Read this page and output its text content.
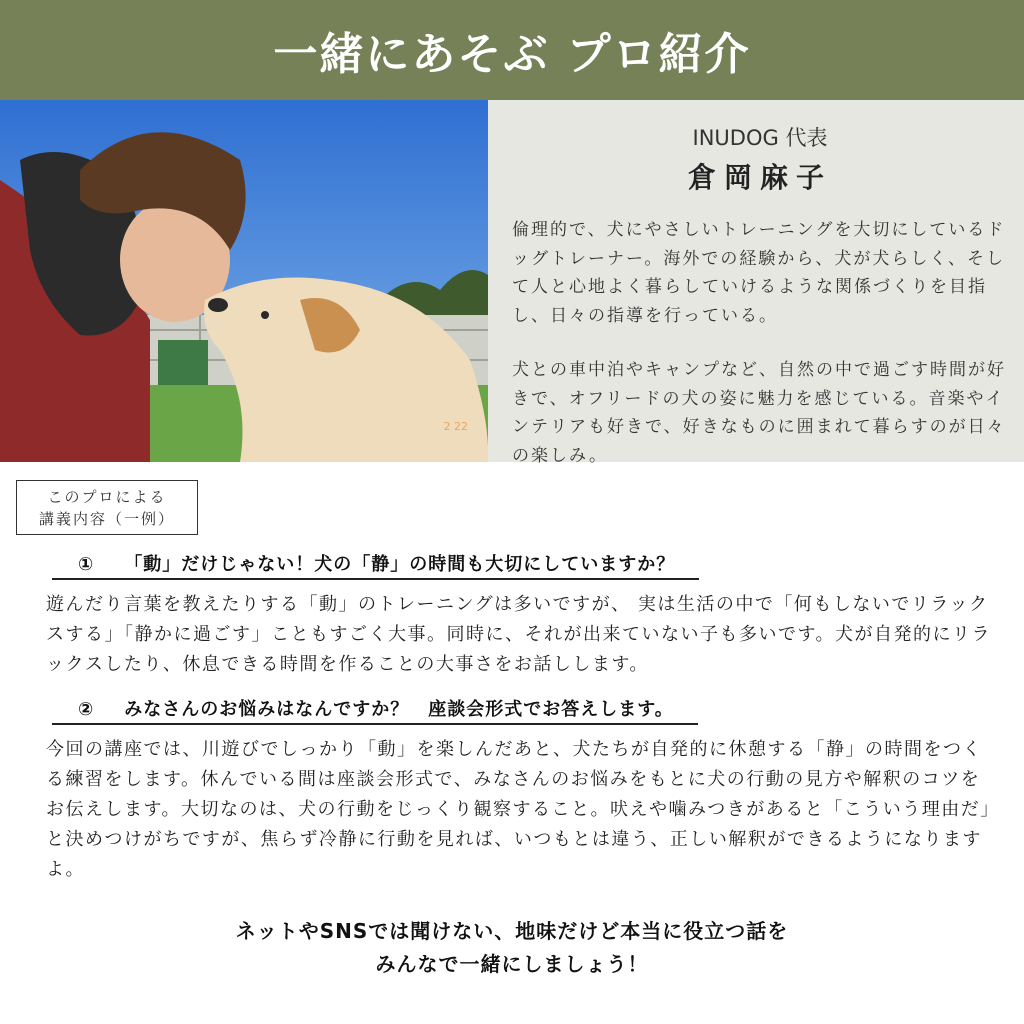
一緒にあそぶ プロ紹介
2 22
INUDOG 代表
倉岡麻子

倫理的で、犬にやさしいトレーニングを大切にしているドッグトレーナー。海外での経験から、犬が犬らしく、そして人と心地よく暮らしていけるような関係づくりを目指し、日々の指導を行っている。

犬との車中泊やキャンプなど、自然の中で過ごす時間が好きで、オフリードの犬の姿に魅力を感じている。音楽やインテリアも好きで、好きなものに囲まれて暮らすのが日々の楽しみ。

このプロによる
講義内容（一例）
① 「動」だけじゃない！犬の「静」の時間も大切にしていますか？

遊んだり言葉を教えたりする「動」のトレーニングは多いですが、 実は生活の中で「何もしないでリラックスする」「静かに過ごす」こともすごく大事。同時に、それが出来ていない子も多いです。犬が自発的にリラックスしたり、休息できる時間を作ることの大事さをお話しします。

② みなさんのお悩みはなんですか？　座談会形式でお答えします。

今回の講座では、川遊びでしっかり「動」を楽しんだあと、犬たちが自発的に休憩する「静」の時間をつくる練習をします。休んでいる間は座談会形式で、みなさんのお悩みをもとに犬の行動の見方や解釈のコツをお伝えします。大切なのは、犬の行動をじっくり観察すること。吠えや噛みつきがあると「こういう理由だ」と決めつけがちですが、焦らず冷静に行動を見れば、いつもとは違う、正しい解釈ができるようになりますよ。

ネットやSNSでは聞けない、地味だけど本当に役立つ話を

みんなで一緒にしましょう！
